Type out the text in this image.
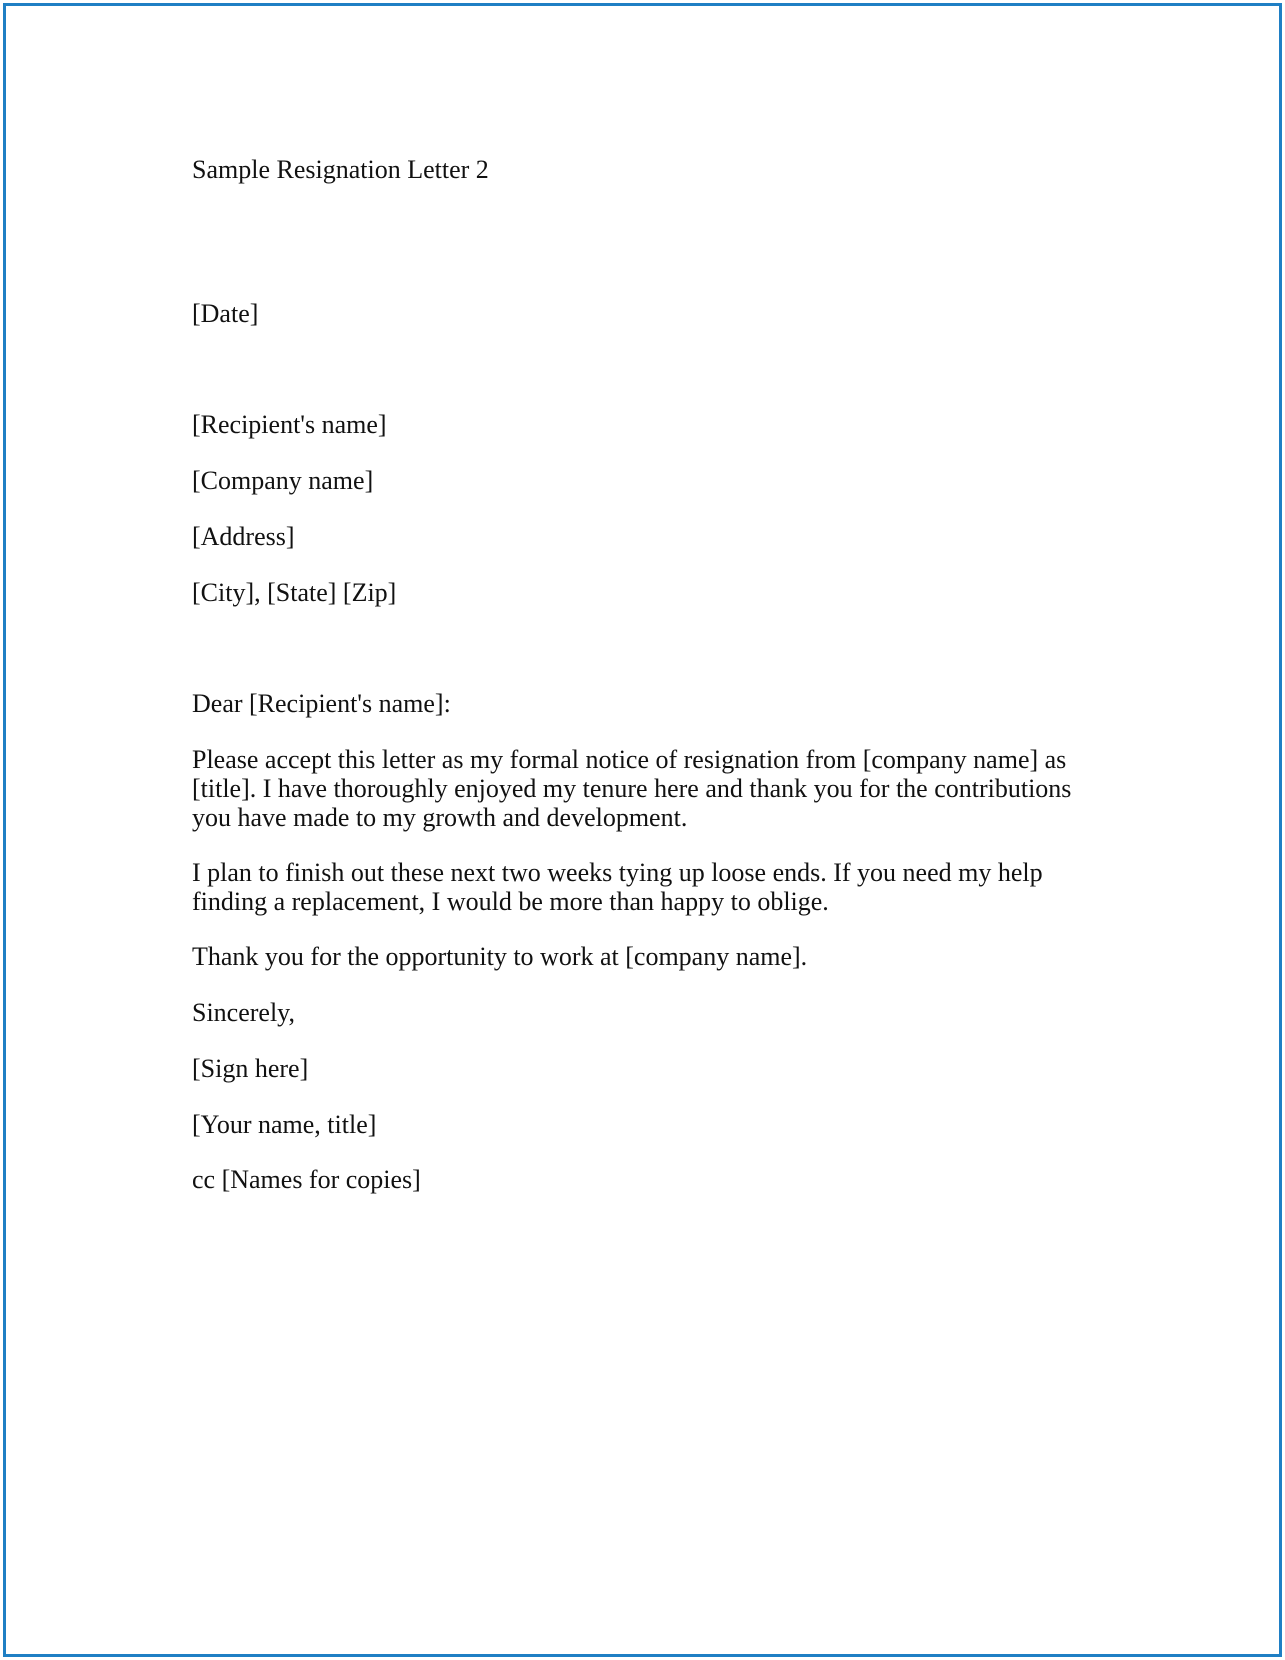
Sample Resignation Letter 2

[Date]

[Recipient's name]

[Company name]

[Address]

[City], [State] [Zip]

Dear [Recipient's name]:

Please accept this letter as my formal notice of resignation from [company name] as [title]. I have thoroughly enjoyed my tenure here and thank you for the contributions you have made to my growth and development.

I plan to finish out these next two weeks tying up loose ends. If you need my help finding a replacement, I would be more than happy to oblige.

Thank you for the opportunity to work at [company name].

Sincerely,

[Sign here]

[Your name, title]

cc [Names for copies]
